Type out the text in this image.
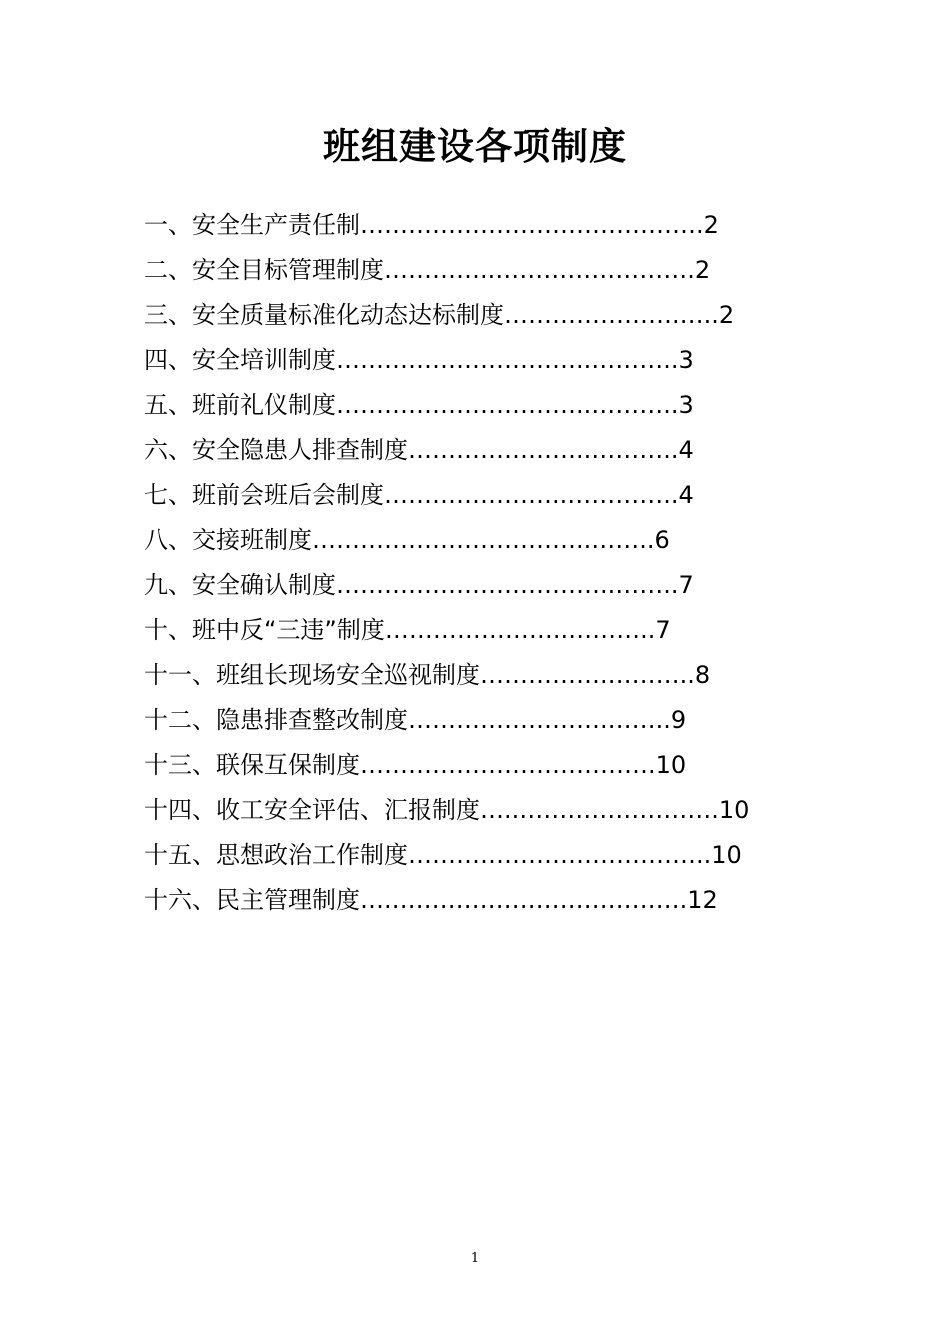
班组建设各项制度
一、安全生产责任制 ……………………………………. 2
二、安全目标管理制度 …………..……………………. 2
三、安全质量标准化动态达标制度 ………………….….. 2
四、安全培训制度 …………………………..……….. 3
五、班前礼仪制度 …………………………..……….. 3
六、安全隐患人排查制度 …………………..……….. 4
七、班前会班后会制度 …………………..………….. 4
八、交接班制度 ……………………………..…….. 6
九、安全确认制度 ……………………………..…….. 7
十、班中反“三违”制度 …………………..……….. 7
十一、班组长现场安全巡视制度 …………….……….. 8
十二、隐患排查整改制度 …………………….…….. 9
十三、联保互保制度 ………………………………. 10
十四、收工安全评估、汇报制度 …..……………………. 10
十五、思想政治工作制度 ……………………………….. 10
十六、民主管理制度 ….………………………………. 12
1
